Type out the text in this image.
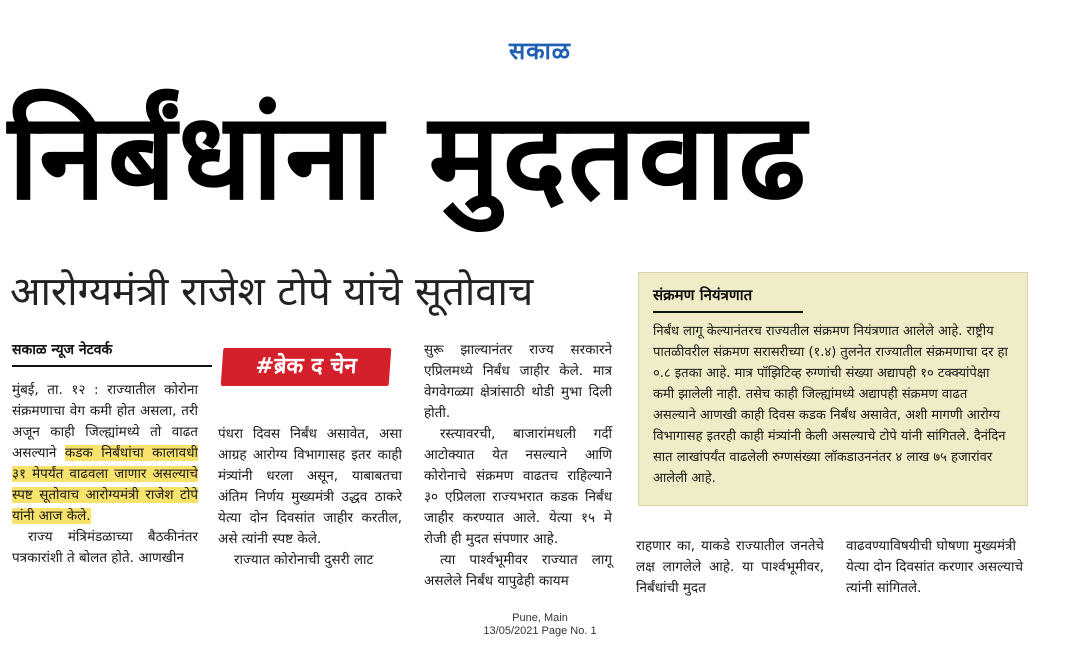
सकाळ
निर्बंधांना मुदतवाढ
आरोग्यमंत्री राजेश टोपे यांचे सूतोवाच
सकाळ न्यूज नेटवर्क
#ब्रेक द चेन

मुंबई, ता. १२ : राज्यातील कोरोना संक्रमणाचा वेग कमी होत असला, तरी अजून काही जिल्ह्यांमध्ये तो वाढत असल्याने कडक निर्बंधांचा कालावधी ३१ मेपर्यंत वाढवला जाणार असल्याचे स्पष्ट सूतोवाच आरोग्यमंत्री राजेश टोपे यांनी आज केले.

राज्य मंत्रिमंडळाच्या बैठकीनंतर पत्रकारांशी ते बोलत होते. आणखीन

पंधरा दिवस निर्बंध असावेत, असा आग्रह आरोग्य विभागासह इतर काही मंत्र्यांनी धरला असून, याबाबतचा अंतिम निर्णय मुख्यमंत्री उद्धव ठाकरे येत्या दोन दिवसांत जाहीर करतील, असे त्यांनी स्पष्ट केले.

राज्यात कोरोनाची दुसरी लाट

सुरू झाल्यानंतर राज्य सरकारने एप्रिलमध्ये निर्बंध जाहीर केले. मात्र वेगवेगळ्या क्षेत्रांसाठी थोडी मुभा दिली होती.

रस्त्यावरची, बाजारांमधली गर्दी आटोक्यात येत नसल्याने आणि कोरोनाचे संक्रमण वाढतच राहिल्याने ३० एप्रिलला राज्यभरात कडक निर्बंध जाहीर करण्यात आले. येत्या १५ मे रोजी ही मुदत संपणार आहे.

त्या पार्श्वभूमीवर राज्यात लागू असलेले निर्बंध यापुढेही कायम

संक्रमण नियंत्रणात
निर्बंध लागू केल्यानंतरच राज्यतील संक्रमण नियंत्रणात आलेले आहे. राष्ट्रीय पातळीवरील संक्रमण सरासरीच्या (१.४) तुलनेत राज्यातील संक्रमणाचा दर हा ०.८ इतका आहे. मात्र पॉझिटिव्ह रुग्णांची संख्या अद्यापही १० टक्क्यांपेक्षा कमी झालेली नाही. तसेच काही जिल्ह्यांमध्ये अद्यापही संक्रमण वाढत असल्याने आणखी काही दिवस कडक निर्बंध असावेत, अशी मागणी आरोग्य विभागासह इतरही काही मंत्र्यांनी केली असल्याचे टोपे यांनी सांगितले. दैनंदिन सात लाखांपर्यंत वाढलेली रुग्णसंख्या लॉकडाउननंतर ४ लाख ७५ हजारांवर आलेली आहे.

राहणार का, याकडे राज्यातील जनतेचे लक्ष लागलेले आहे. या पार्श्वभूमीवर, निर्बंधांची मुदत

वाढवण्याविषयीची घोषणा मुख्यमंत्री येत्या दोन दिवसांत करणार असल्याचे त्यांनी सांगितले.

Pune, Main
13/05/2021 Page No. 1
